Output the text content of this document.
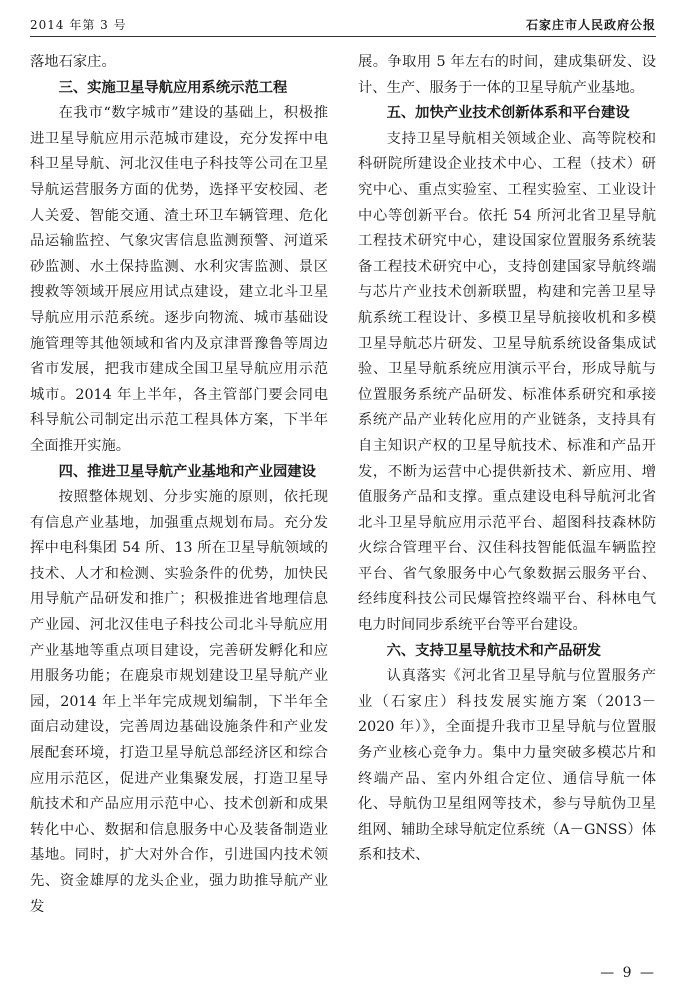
2014 年第 3 号	石家庄市人民政府公报

落地石家庄。

三、实施卫星导航应用系统示范工程

在我市“数字城市”建设的基础上，积极推进卫星导航应用示范城市建设，充分发挥中电科卫星导航、河北汉佳电子科技等公司在卫星导航运营服务方面的优势，选择平安校园、老人关爱、智能交通、渣土环卫车辆管理、危化品运输监控、气象灾害信息监测预警、河道采砂监测、水土保持监测、水利灾害监测、景区搜救等领域开展应用试点建设，建立北斗卫星导航应用示范系统。逐步向物流、城市基础设施管理等其他领域和省内及京津晋豫鲁等周边省市发展，把我市建成全国卫星导航应用示范城市。2014 年上半年，各主管部门要会同电科导航公司制定出示范工程具体方案，下半年全面推开实施。

四、推进卫星导航产业基地和产业园建设

按照整体规划、分步实施的原则，依托现有信息产业基地，加强重点规划布局。充分发挥中电科集团 54 所、13 所在卫星导航领域的技术、人才和检测、实验条件的优势，加快民用导航产品研发和推广；积极推进省地理信息产业园、河北汉佳电子科技公司北斗导航应用产业基地等重点项目建设，完善研发孵化和应用服务功能；在鹿泉市规划建设卫星导航产业园，2014 年上半年完成规划编制，下半年全面启动建设，完善周边基础设施条件和产业发展配套环境，打造卫星导航总部经济区和综合应用示范区，促进产业集聚发展，打造卫星导航技术和产品应用示范中心、技术创新和成果转化中心、数据和信息服务中心及装备制造业基地。同时，扩大对外合作，引进国内技术领先、资金雄厚的龙头企业，强力助推导航产业发

展。争取用 5 年左右的时间，建成集研发、设计、生产、服务于一体的卫星导航产业基地。

五、加快产业技术创新体系和平台建设

支持卫星导航相关领域企业、高等院校和科研院所建设企业技术中心、工程（技术）研究中心、重点实验室、工程实验室、工业设计中心等创新平台。依托 54 所河北省卫星导航工程技术研究中心，建设国家位置服务系统装备工程技术研究中心，支持创建国家导航终端与芯片产业技术创新联盟，构建和完善卫星导航系统工程设计、多模卫星导航接收机和多模卫星导航芯片研发、卫星导航系统设备集成试验、卫星导航系统应用演示平台，形成导航与位置服务系统产品研发、标准体系研究和承接系统产品产业转化应用的产业链条，支持具有自主知识产权的卫星导航技术、标准和产品开发，不断为运营中心提供新技术、新应用、增值服务产品和支撑。重点建设电科导航河北省北斗卫星导航应用示范平台、超图科技森林防火综合管理平台、汉佳科技智能低温车辆监控平台、省气象服务中心气象数据云服务平台、经纬度科技公司民爆管控终端平台、科林电气电力时间同步系统平台等平台建设。

六、支持卫星导航技术和产品研发

认真落实《河北省卫星导航与位置服务产业（石家庄）科技发展实施方案（2013－2020 年）》，全面提升我市卫星导航与位置服务产业核心竞争力。集中力量突破多模芯片和终端产品、室内外组合定位、通信导航一体化、导航伪卫星组网等技术，参与导航伪卫星组网、辅助全球导航定位系统（A－GNSS）体系和技术、

— 9 —
